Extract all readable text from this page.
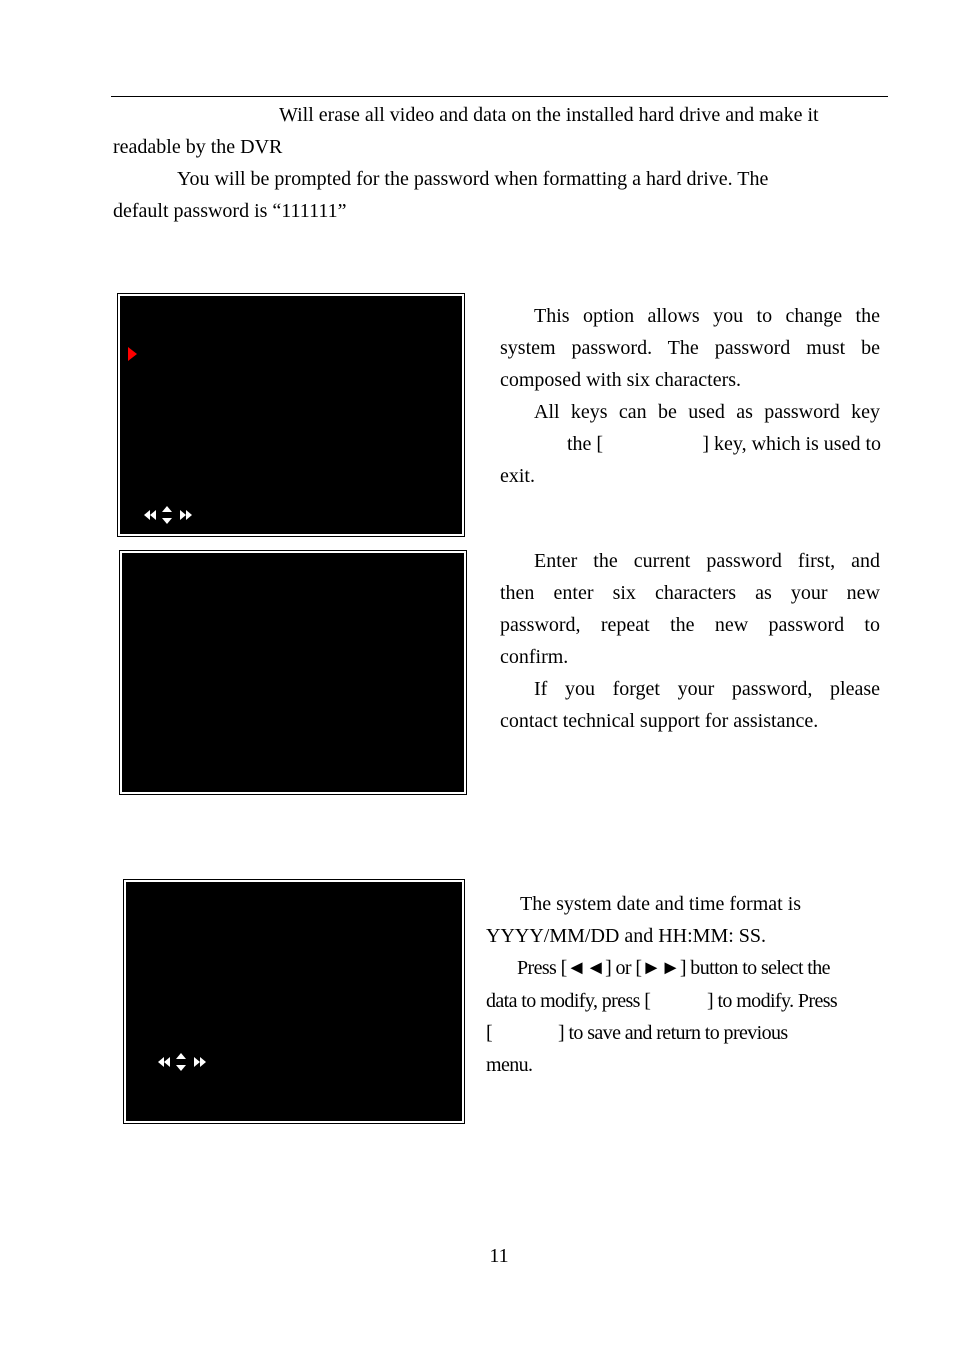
Will erase all video and data on the installed hard drive and make it

readable by the DVR

You will be prompted for the password when formatting a hard drive. The

default password is “111111”

This option allows you to change the

system password. The password must be

composed with six characters.

All keys can be used as password key

the [	] key, which is used to

exit.

Enter the current password first, and

then enter six characters as your new

password, repeat the new password to

confirm.

If you forget your password, please

contact technical support for assistance.

The system date and time format is

YYYY/MM/DD and HH:MM: SS.

Press [◄◄] or [►►] button to select the

data to modify, press [	] to modify. Press

[	] to save and return to previous

menu.

11
